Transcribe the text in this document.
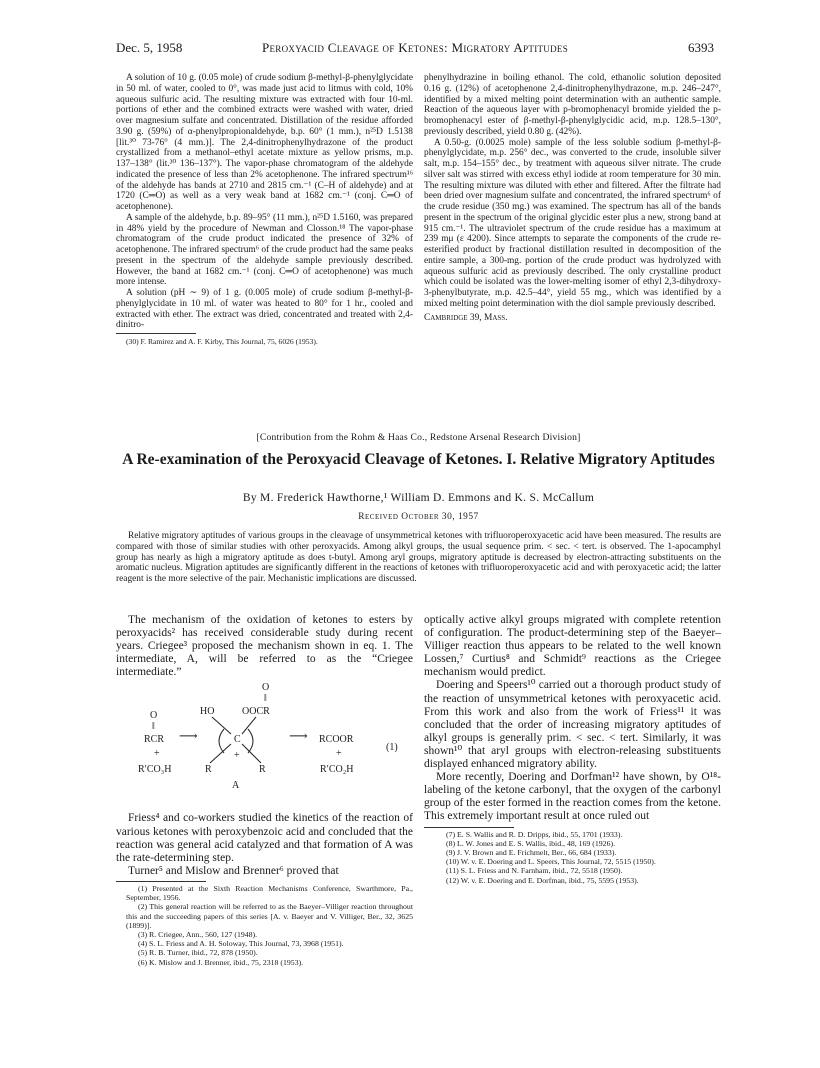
Dec. 5, 1958	Peroxyacid Cleavage of Ketones: Migratory Aptitudes	6393

A solution of 10 g. (0.05 mole) of crude sodium β-methyl-β-phenylglycidate in 50 ml. of water, cooled to 0°, was made just acid to litmus with cold, 10% aqueous sulfuric acid. The resulting mixture was extracted with four 10-ml. portions of ether and the combined extracts were washed with water, dried over magnesium sulfate and concentrated. Distillation of the residue afforded 3.90 g. (59%) of α-phenylpropionaldehyde, b.p. 60° (1 mm.), n²⁵D 1.5138 [lit.³⁰ 73-76° (4 mm.)]. The 2,4-dinitrophenylhydrazone of the product crystallized from a methanol–ethyl acetate mixture as yellow prisms, m.p. 137–138° (lit.³⁰ 136–137°). The vapor-phase chromatogram of the aldehyde indicated the presence of less than 2% acetophenone. The infrared spectrum¹⁶ of the aldehyde has bands at 2710 and 2815 cm.⁻¹ (C–H of aldehyde) and at 1720 (C═O) as well as a very weak band at 1682 cm.⁻¹ (conj. C═O of acetophenone).

A sample of the aldehyde, b.p. 89–95° (11 mm.), n²⁵D 1.5160, was prepared in 48% yield by the procedure of Newman and Closson.¹⁸ The vapor-phase chromatogram of the crude product indicated the presence of 32% of acetophenone. The infrared spectrum⁶ of the crude product had the same peaks present in the spectrum of the aldehyde sample previously described. However, the band at 1682 cm.⁻¹ (conj. C═O of acetophenone) was much more intense.

A solution (pH ∼ 9) of 1 g. (0.005 mole) of crude sodium β-methyl-β-phenylglycidate in 10 ml. of water was heated to 80° for 1 hr., cooled and extracted with ether. The extract was dried, concentrated and treated with 2,4-dinitro-

(30) F. Ramirez and A. F. Kirby, This Journal, 75, 6026 (1953).

phenylhydrazine in boiling ethanol. The cold, ethanolic solution deposited 0.16 g. (12%) of acetophenone 2,4-dinitrophenylhydrazone, m.p. 246–247°, identified by a mixed melting point determination with an authentic sample. Reaction of the aqueous layer with p-bromophenacyl bromide yielded the p-bromophenacyl ester of β-methyl-β-phenylglycidic acid, m.p. 128.5–130°, previously described, yield 0.80 g. (42%).

A 0.50-g. (0.0025 mole) sample of the less soluble sodium β-methyl-β-phenylglycidate, m.p. 256° dec., was converted to the crude, insoluble silver salt, m.p. 154–155° dec., by treatment with aqueous silver nitrate. The crude silver salt was stirred with excess ethyl iodide at room temperature for 30 min. The resulting mixture was diluted with ether and filtered. After the filtrate had been dried over magnesium sulfate and concentrated, the infrared spectrum⁶ of the crude residue (350 mg.) was examined. The spectrum has all of the bands present in the spectrum of the original glycidic ester plus a new, strong band at 915 cm.⁻¹. The ultraviolet spectrum of the crude residue has a maximum at 239 mμ (ε 4200). Since attempts to separate the components of the crude re-esterified product by fractional distillation resulted in decomposition of the entire sample, a 300-mg. portion of the crude product was hydrolyzed with aqueous sulfuric acid as previously described. The only crystalline product which could be isolated was the lower-melting isomer of ethyl 2,3-dihydroxy-3-phenylbutyrate, m.p. 42.5–44°, yield 55 mg., which was identified by a mixed melting point determination with the diol sample previously described.

Cambridge 39, Mass.

[Contribution from the Rohm & Haas Co., Redstone Arsenal Research Division]
A Re-examination of the Peroxyacid Cleavage of Ketones. I. Relative Migratory Aptitudes
By M. Frederick Hawthorne,¹ William D. Emmons and K. S. McCallum
Received October 30, 1957

Relative migratory aptitudes of various groups in the cleavage of unsymmetrical ketones with trifluoroperoxyacetic acid have been measured. The results are compared with those of similar studies with other peroxyacids. Among alkyl groups, the usual sequence prim. < sec. < tert. is observed. The 1-apocamphyl group has nearly as high a migratory aptitude as does t-butyl. Among aryl groups, migratory aptitude is decreased by electron-attracting substituents on the aromatic nucleus. Migration aptitudes are significantly different in the reactions of ketones with trifluoroperoxyacetic acid and with peroxyacetic acid; the latter reagent is the more selective of the pair. Mechanistic implications are discussed.

The mechanism of the oxidation of ketones to esters by peroxyacids² has received considerable study during recent years. Criegee³ proposed the mechanism shown in eq. 1. The intermediate, A, will be referred to as the “Criegee intermediate.”

O
‖
HO	OOCR
O
‖
RCR ⟶	C	⟶ RCOOR
(1)
+	+	+
R′CO₃H	R	R	R′CO₂H
A

Friess⁴ and co-workers studied the kinetics of the reaction of various ketones with peroxybenzoic acid and concluded that the reaction was general acid catalyzed and that formation of A was the rate-determining step.

Turner⁵ and Mislow and Brenner⁶ proved that

(1) Presented at the Sixth Reaction Mechanisms Conference, Swarthmore, Pa., September, 1956.

(2) This general reaction will be referred to as the Baeyer–Villiger reaction throughout this and the succeeding papers of this series [A. v. Baeyer and V. Villiger, Ber., 32, 3625 (1899)].

(3) R. Criegee, Ann., 560, 127 (1948).

(4) S. L. Friess and A. H. Soloway, This Journal, 73, 3968 (1951).

(5) R. B. Turner, ibid., 72, 878 (1950).

(6) K. Mislow and J. Brenner, ibid., 75, 2318 (1953).

optically active alkyl groups migrated with complete retention of configuration. The product-determining step of the Baeyer–Villiger reaction thus appears to be related to the well known Lossen,⁷ Curtius⁸ and Schmidt⁹ reactions as the Criegee mechanism would predict.

Doering and Speers¹⁰ carried out a thorough product study of the reaction of unsymmetrical ketones with peroxyacetic acid. From this work and also from the work of Friess¹¹ it was concluded that the order of increasing migratory aptitudes of alkyl groups is generally prim. < sec. < tert. Similarly, it was shown¹⁰ that aryl groups with electron-releasing substituents displayed enhanced migratory ability.

More recently, Doering and Dorfman¹² have shown, by O¹⁸-labeling of the ketone carbonyl, that the oxygen of the carbonyl group of the ester formed in the reaction comes from the ketone. This extremely important result at once ruled out

(7) E. S. Wallis and R. D. Dripps, ibid., 55, 1701 (1933).

(8) L. W. Jones and E. S. Wallis, ibid., 48, 169 (1926).

(9) J. V. Brown and E. Frichmelt, Ber., 66, 684 (1933).

(10) W. v. E. Doering and L. Speers, This Journal, 72, 5515 (1950).

(11) S. L. Friess and N. Farnham, ibid., 72, 5518 (1950).

(12) W. v. E. Doering and E. Dorfman, ibid., 75, 5595 (1953).
